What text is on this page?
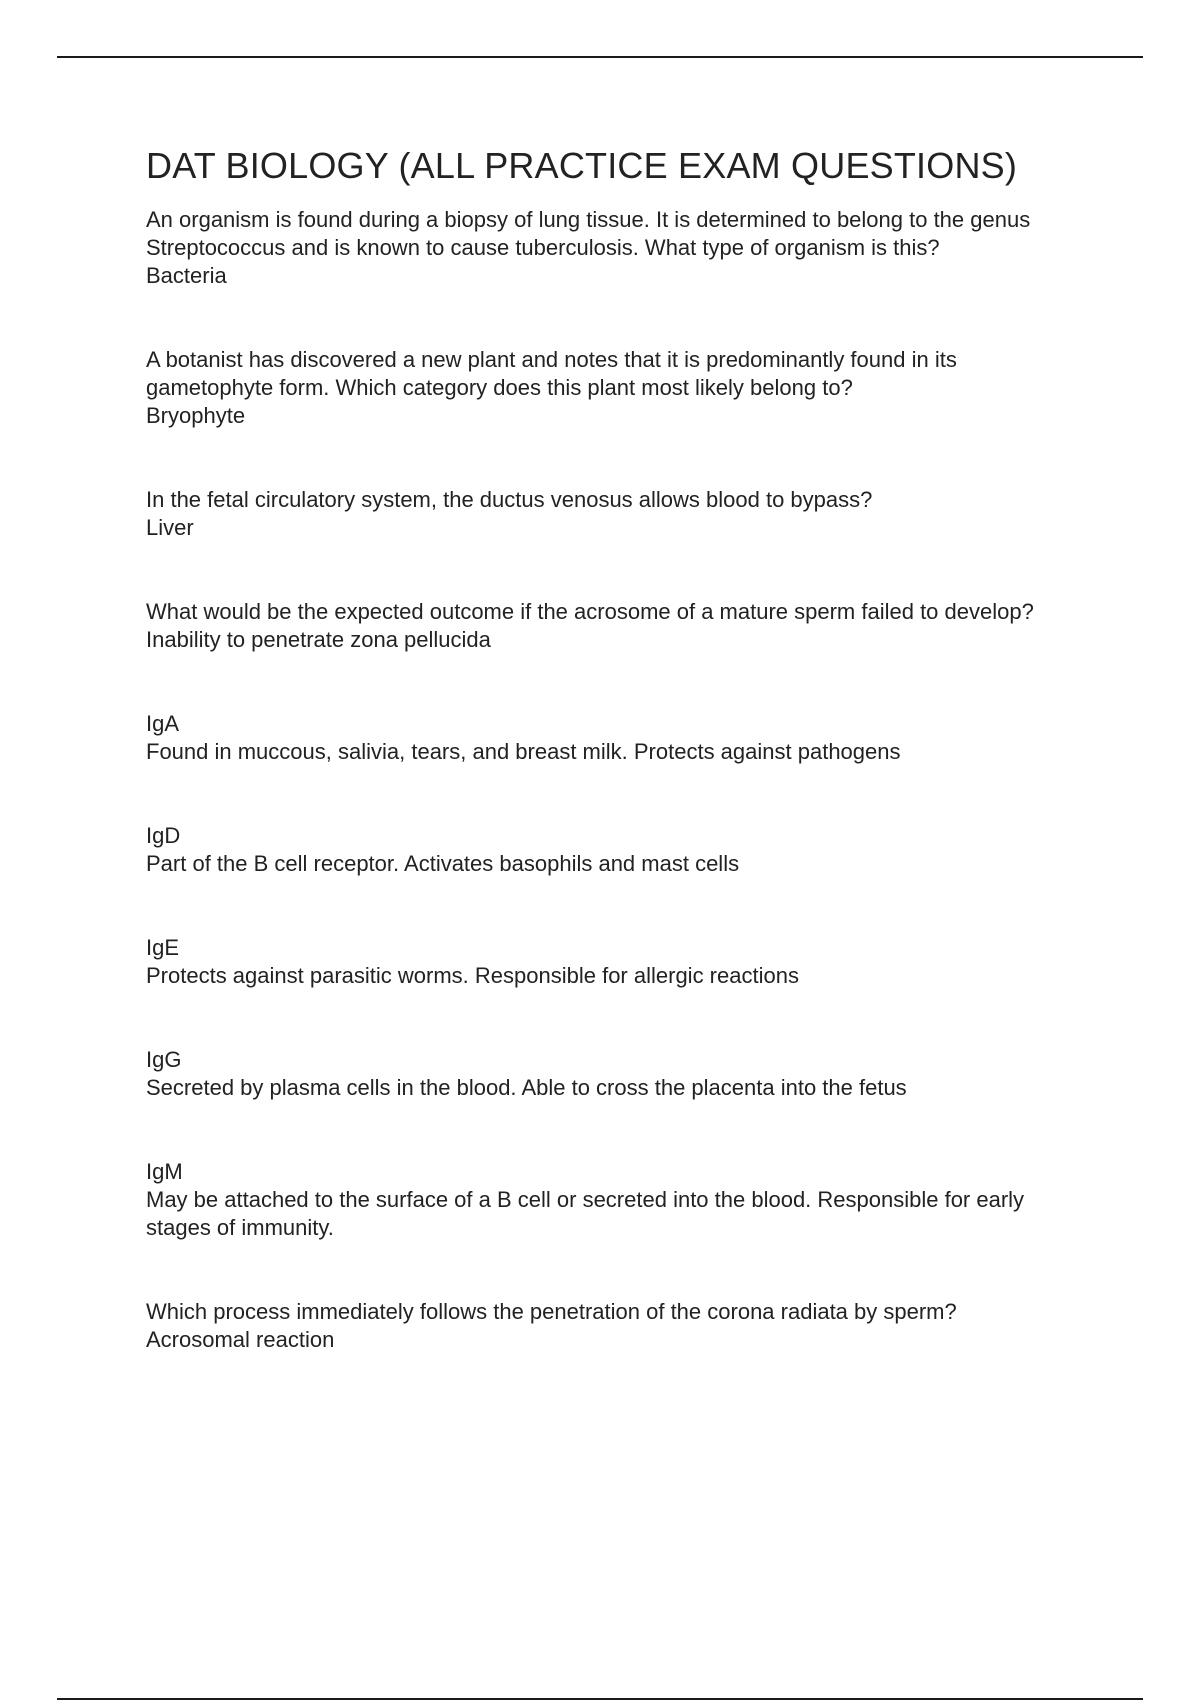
DAT BIOLOGY (ALL PRACTICE EXAM QUESTIONS)

An organism is found during a biopsy of lung tissue. It is determined to belong to the genus Streptococcus and is known to cause tuberculosis. What type of organism is this?

Bacteria

A botanist has discovered a new plant and notes that it is predominantly found in its gametophyte form. Which category does this plant most likely belong to?

Bryophyte

In the fetal circulatory system, the ductus venosus allows blood to bypass?

Liver

What would be the expected outcome if the acrosome of a mature sperm failed to develop?

Inability to penetrate zona pellucida

IgA

Found in muccous, salivia, tears, and breast milk. Protects against pathogens

IgD

Part of the B cell receptor. Activates basophils and mast cells

IgE

Protects against parasitic worms. Responsible for allergic reactions

IgG

Secreted by plasma cells in the blood. Able to cross the placenta into the fetus

IgM

May be attached to the surface of a B cell or secreted into the blood. Responsible for early stages of immunity.

Which process immediately follows the penetration of the corona radiata by sperm?

Acrosomal reaction
